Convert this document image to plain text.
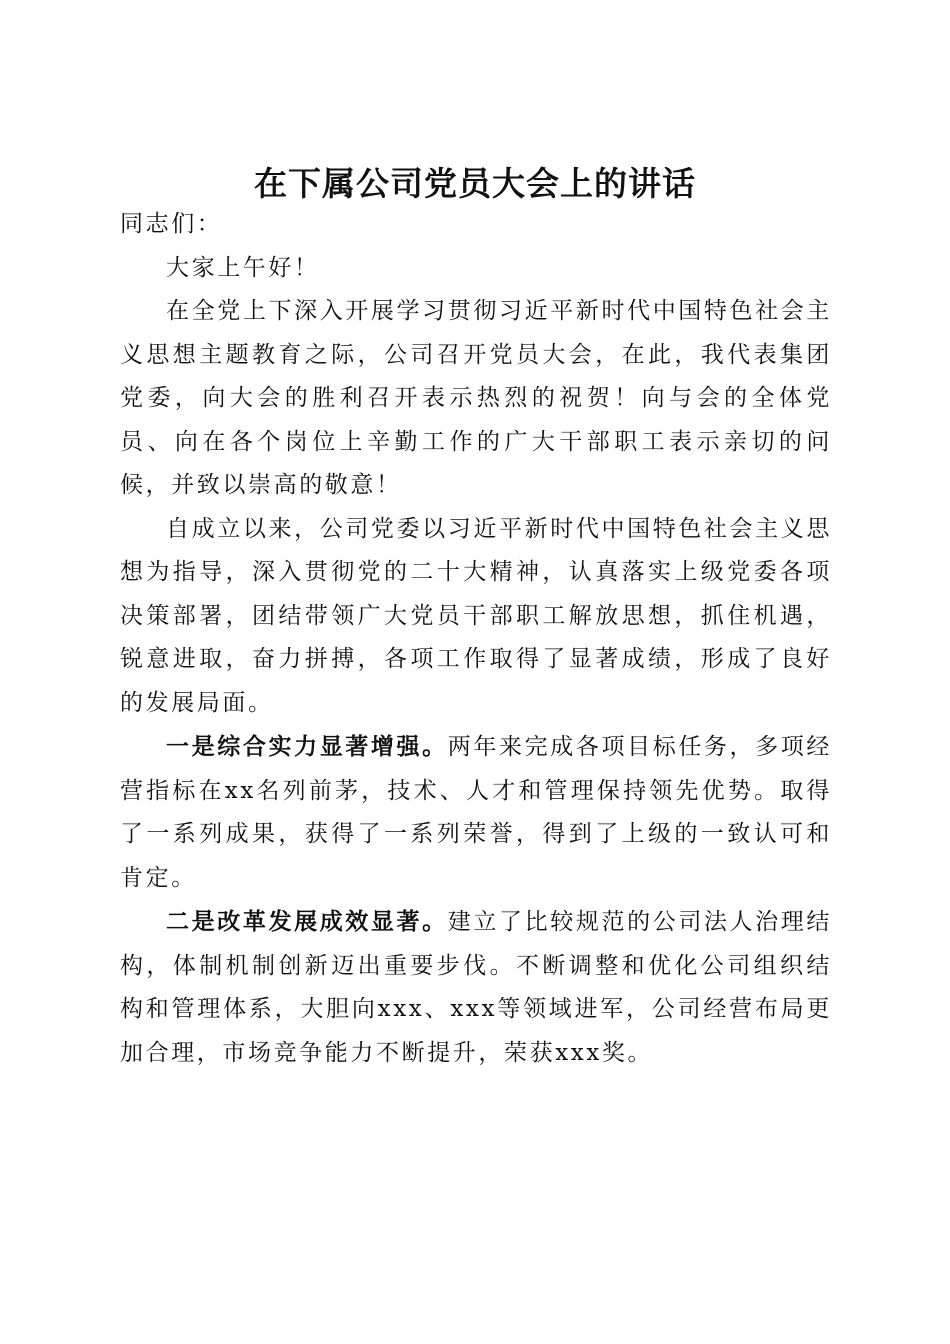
在下属公司党员大会上的讲话

同志们：

大家上午好！

在全党上下深入开展学习贯彻习近平新时代中国特色社会主义思想主题教育之际，公司召开党员大会，在此，我代表集团党委，向大会的胜利召开表示热烈的祝贺！向与会的全体党员、向在各个岗位上辛勤工作的广大干部职工表示亲切的问候，并致以崇高的敬意！

自成立以来，公司党委以习近平新时代中国特色社会主义思想为指导，深入贯彻党的二十大精神，认真落实上级党委各项决策部署，团结带领广大党员干部职工解放思想，抓住机遇，锐意进取，奋力拼搏，各项工作取得了显著成绩，形成了良好的发展局面。

一是综合实力显著增强。两年来完成各项目标任务，多项经营指标在xx名列前茅，技术、人才和管理保持领先优势。取得了一系列成果，获得了一系列荣誉，得到了上级的一致认可和肯定。

二是改革发展成效显著。建立了比较规范的公司法人治理结构，体制机制创新迈出重要步伐。不断调整和优化公司组织结构和管理体系，大胆向xxx、xxx等领域进军，公司经营布局更加合理，市场竞争能力不断提升，荣获xxx奖。
